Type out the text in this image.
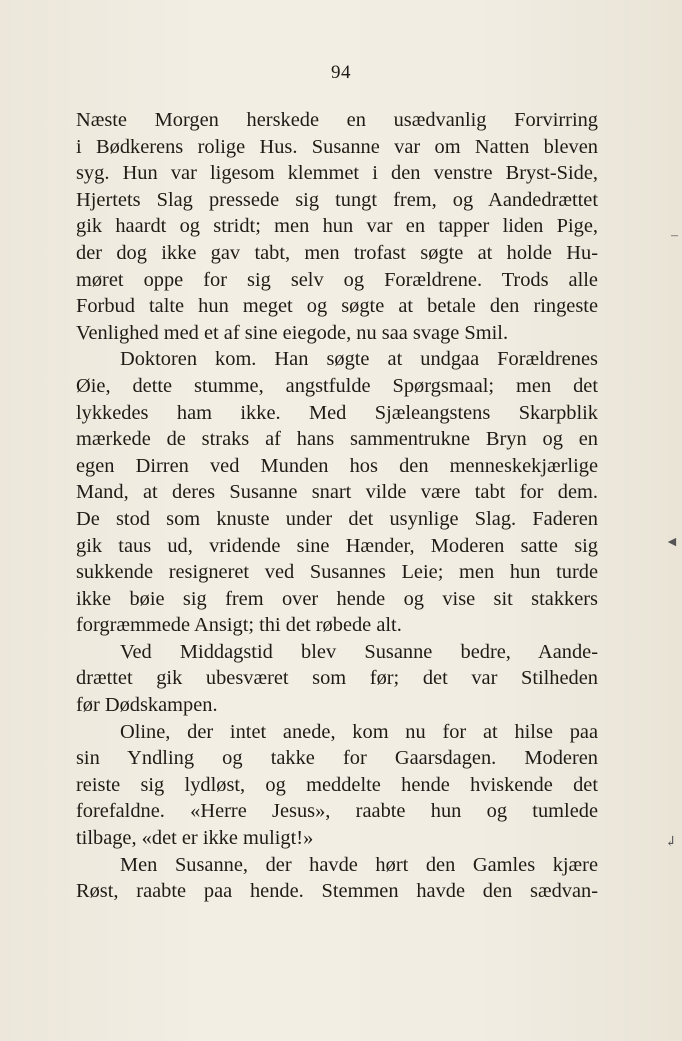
94
Næste Morgen herskede en usædvanlig Forvirring
i Bødkerens rolige Hus. Susanne var om Natten bleven
syg. Hun var ligesom klemmet i den venstre Bryst-Side,
Hjertets Slag pressede sig tungt frem, og Aandedrættet
gik haardt og stridt; men hun var en tapper liden Pige,
der dog ikke gav tabt, men trofast søgte at holde Hu-
møret oppe for sig selv og Forældrene. Trods alle
Forbud talte hun meget og søgte at betale den ringeste
Venlighed med et af sine eiegode, nu saa svage Smil.
Doktoren kom. Han søgte at undgaa Forældrenes
Øie, dette stumme, angstfulde Spørgsmaal; men det
lykkedes ham ikke. Med Sjæleangstens Skarpblik
mærkede de straks af hans sammentrukne Bryn og en
egen Dirren ved Munden hos den menneskekjærlige
Mand, at deres Susanne snart vilde være tabt for dem.
De stod som knuste under det usynlige Slag. Faderen
gik taus ud, vridende sine Hænder, Moderen satte sig
sukkende resigneret ved Susannes Leie; men hun turde
ikke bøie sig frem over hende og vise sit stakkers
forgræmmede Ansigt; thi det røbede alt.
Ved Middagstid blev Susanne bedre, Aande-
drættet gik ubesværet som før; det var Stilheden
før Dødskampen.
Oline, der intet anede, kom nu for at hilse paa
sin Yndling og takke for Gaarsdagen. Moderen
reiste sig lydløst, og meddelte hende hviskende det
forefaldne. «Herre Jesus», raabte hun og tumlede
tilbage, «det er ikke muligt!»
Men Susanne, der havde hørt den Gamles kjære
Røst, raabte paa hende. Stemmen havde den sædvan-
–
◄
↲
